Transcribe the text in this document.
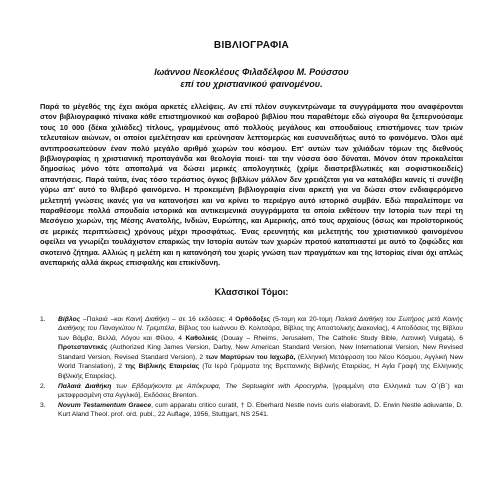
ΒΙΒΛΙΟΓΡΑΦΙΑ
Ιωάννου Νεοκλέους Φιλαδέλφου Μ. Ρούσσου
επί του χριστιανικού φαινομένου.

Παρά το μέγεθός της έχει ακόμα αρκετές ελλείψεις. Αν επί πλέον συγκεντρώναμε τα συγγράμματα που αναφέρονται στον βιβλιογραφικό πίνακα κάθε επιστημονικού και σοβαρού βιβλίου που παραθέτομε εδώ σίγουρα θα ξεπερνούσαμε τους 10 000 (δέκα χιλιάδες) τίτλους, γραμμένους από πολλούς μεγάλους και σπουδαίους επιστήμονες των τριών τελευταίων αιώνων, οι οποίοι εμελέτησαν και ερεύνησαν λεπτομερώς και ευσυνειδήτως αυτό το φαινόμενο. Όλοι αμέ αντιπροσωπεύουν έναν πολύ μεγάλο αριθμό χωρών του κόσμου. Επ' αυτών των χιλιάδων τόμων της διεθνούς βιβλιογραφίας η χριστιανική προπαγάνδα και θεολογία ποιεί- ται την νύσσα όσο δύναται. Μόνον όταν προκαλείται δημοσίως μόνο τότε αποπολμά να δώσει μερικές απολογητικές (χρίμε διαστρεβλωτικές και σοφιστικοειδείς) απαντήσεις. Παρά ταύτα, ένας τόσο τεράστιος όγκος βιβλίων μάλλον δεν χρειάζεται για να καταλάβει κανείς τί συνέβη γύρω απ' αυτό το θλιβερό φαινόμενο. Η προκειμένη βιβλιογραφία είναι αρκετή για να δώσει στον ενδιαφερόμενο μελετητή γνώσεις ικανές για να κατανοήσει και να κρίνει το περιέργο αυτό ιστορικό συμβάν. Εδώ παραλείπομε να παραθέσομε πολλά σπουδαία ιστορικά και αντικειμενικά συγγράμματα τα οποία εκθέτουν την Ιστορία των περί τη Μεσόγειο χωρών, της Μέσης Ανατολής, Ινδιών, Ευρώπης, και Αμερικής, από τους αρχαίους (όσως και προϊστορικούς σε μερικές περιπτώσεις) χρόνους μέχρι προσφάτως. Ένας ερευνητής και μελετητής του χριστιανικού φαινομένου οφείλει να γνωρίζει τουλάχιστον επαρκώς την Ιστορία αυτών των χωρών προτού καταπιαστεί με αυτό το ζοφώδες και σκοτεινό ζήτημα. Αλλιώς η μελέτη και η κατανόησή του χωρίς γνώση των πραγμάτων και της Ιστορίας είναι όχι απλώς ανεπαρκής αλλά άκρως επισφαλής και επικίνδυνη.

Κλασσικοί Τόμοι:
1.	Βίβλος –Παλαιά –και Καινή Διαθήκη – σε 16 εκδόσεις: 4 Ορθόδοξες (5-τομη και 20-τομη Παλαιά Διαθήκη του Σωτήρος μετά Καινής Διαθήκης του Παναγιώτου Ν. Τρεμπέλα, Βίβλος του Ιωάννου Θ. Κολιτσάρα, Βίβλος της Αποστολικής Διακονίας), 4 Αποδόσεις της Βίβλου των Βάμβα, Βελλά, Λόγου και Φίλου, 4 Καθολικές (Douay – Rheims, Jerusalem, The Catholic Study Bible, Λατινική Vulgata), 6 Προτεσταντικές (Authorized King James Version, Darby, New American Standard Version, New International Version, New Revised Standard Version, Revised Standard Version), 2 των Μαρτύρων του Ιαχωβά, (Ελληνική Μετάφραση του Νέου Κόσμου, Αγγλική New World Translation), 2 της Βιβλικής Εταιρείας (Τα Ιερά Γράμματα της Βρεττανικής Βιβλικής Εταιρείας, Η Αγία Γραφή της Ελληνικής Βιβλικής Εταιρείας).
2.	Παλαιά Διαθήκη των Εβδομήκοντα με Απόκρυφα, The Septuagint with Apocrypha, [γραμμένη στα Ελληνικά των Ο΄(Β΄) και μεταφρασμένη στα Αγγλικά], Εκδόσεις Brenton.
3.	Novum Testamentum Graece, cum apparatu critico curatit, † D. Eberhard Nestle novis curis elaboravit, D. Erwin Nestle adiuvante, D. Kurt Aland Theol. prof. ord. publ., 22 Auflage, 1956, Stuttgart, NS 2541.
